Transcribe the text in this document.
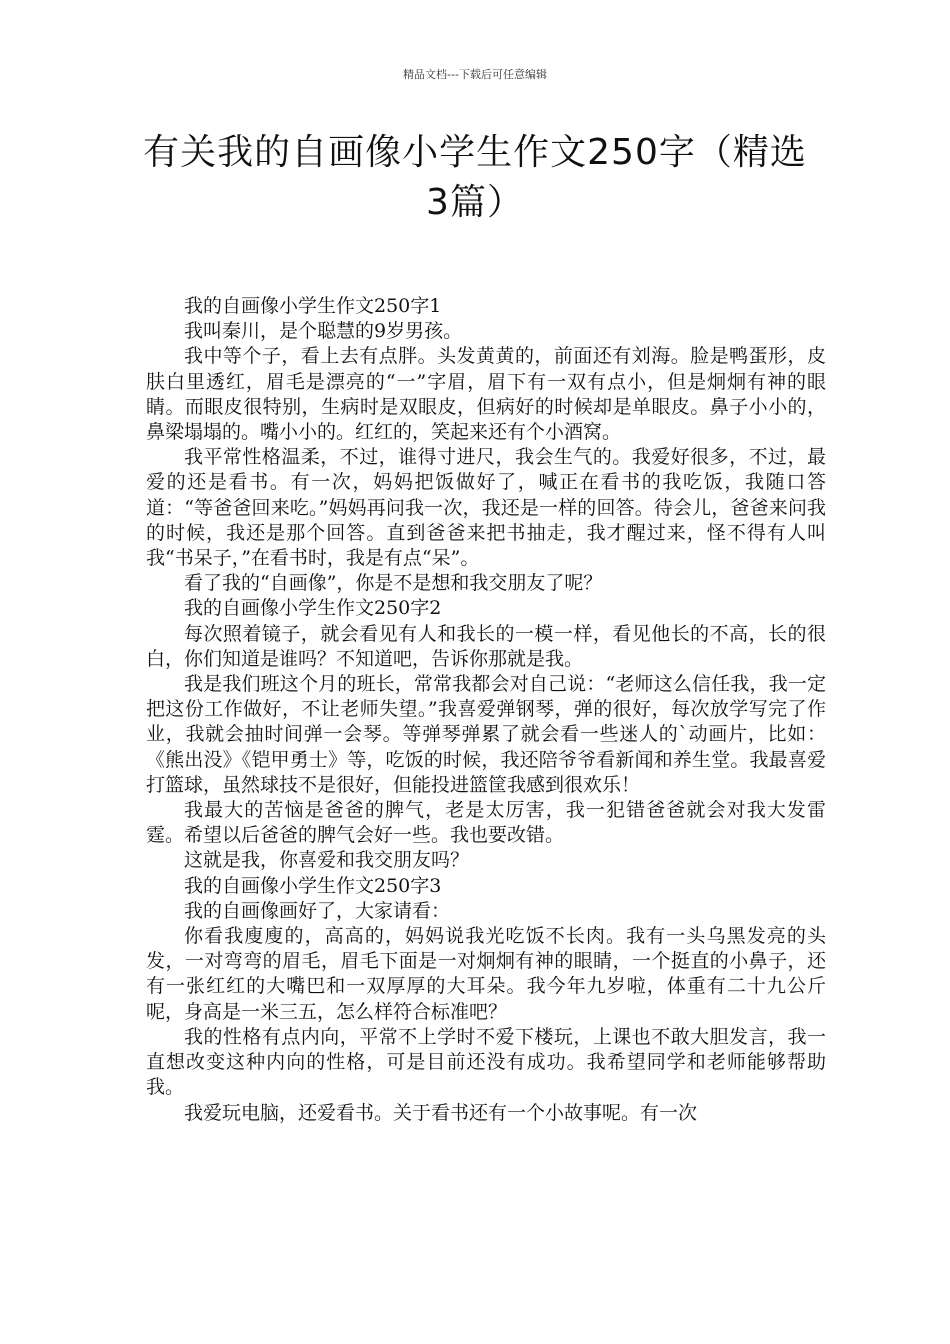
精品文档---下载后可任意编辑
有关我的自画像小学生作文250字（精选3篇）

我的自画像小学生作文250字1

我叫秦川，是个聪慧的9岁男孩。

我中等个子，看上去有点胖。头发黄黄的，前面还有刘海。脸是鸭蛋形，皮肤白里透红，眉毛是漂亮的“一”字眉，眉下有一双有点小，但是炯炯有神的眼睛。而眼皮很特别，生病时是双眼皮，但病好的时候却是单眼皮。鼻子小小的，鼻梁塌塌的。嘴小小的。红红的，笑起来还有个小酒窝。

我平常性格温柔，不过，谁得寸进尺，我会生气的。我爱好很多，不过，最爱的还是看书。有一次，妈妈把饭做好了，喊正在看书的我吃饭，我随口答道：“等爸爸回来吃。”妈妈再问我一次，我还是一样的回答。待会儿，爸爸来问我的时候，我还是那个回答。直到爸爸来把书抽走，我才醒过来，怪不得有人叫我“书呆子，”在看书时，我是有点“呆”。

看了我的“自画像”，你是不是想和我交朋友了呢？

我的自画像小学生作文250字2

每次照着镜子，就会看见有人和我长的一模一样，看见他长的不高，长的很白，你们知道是谁吗？不知道吧，告诉你那就是我。

我是我们班这个月的班长，常常我都会对自己说：“老师这么信任我，我一定把这份工作做好，不让老师失望。”我喜爱弹钢琴，弹的很好，每次放学写完了作业，我就会抽时间弹一会琴。等弹琴弹累了就会看一些迷人的`动画片，比如：《熊出没》《铠甲勇士》等，吃饭的时候，我还陪爷爷看新闻和养生堂。我最喜爱打篮球，虽然球技不是很好，但能投进篮筐我感到很欢乐！

我最大的苦恼是爸爸的脾气，老是太厉害，我一犯错爸爸就会对我大发雷霆。希望以后爸爸的脾气会好一些。我也要改错。

这就是我，你喜爱和我交朋友吗？

我的自画像小学生作文250字3

我的自画像画好了，大家请看：

你看我廋廋的，高高的，妈妈说我光吃饭不长肉。我有一头乌黑发亮的头发，一对弯弯的眉毛，眉毛下面是一对炯炯有神的眼睛，一个挺直的小鼻子，还有一张红红的大嘴巴和一双厚厚的大耳朵。我今年九岁啦，体重有二十九公斤呢，身高是一米三五，怎么样符合标准吧？

我的性格有点内向，平常不上学时不爱下楼玩，上课也不敢大胆发言，我一直想改变这种内向的性格，可是目前还没有成功。我希望同学和老师能够帮助我。

我爱玩电脑，还爱看书。关于看书还有一个小故事呢。有一次
